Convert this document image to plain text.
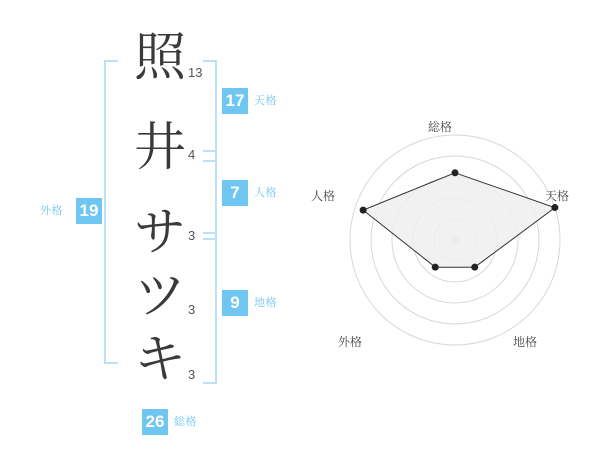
19
外格
照 13
井 4
サ 3
ツ 3
キ 3
17 天格
7	人格
9	地格
26 総格
総格
天格
地格
外格
人格
